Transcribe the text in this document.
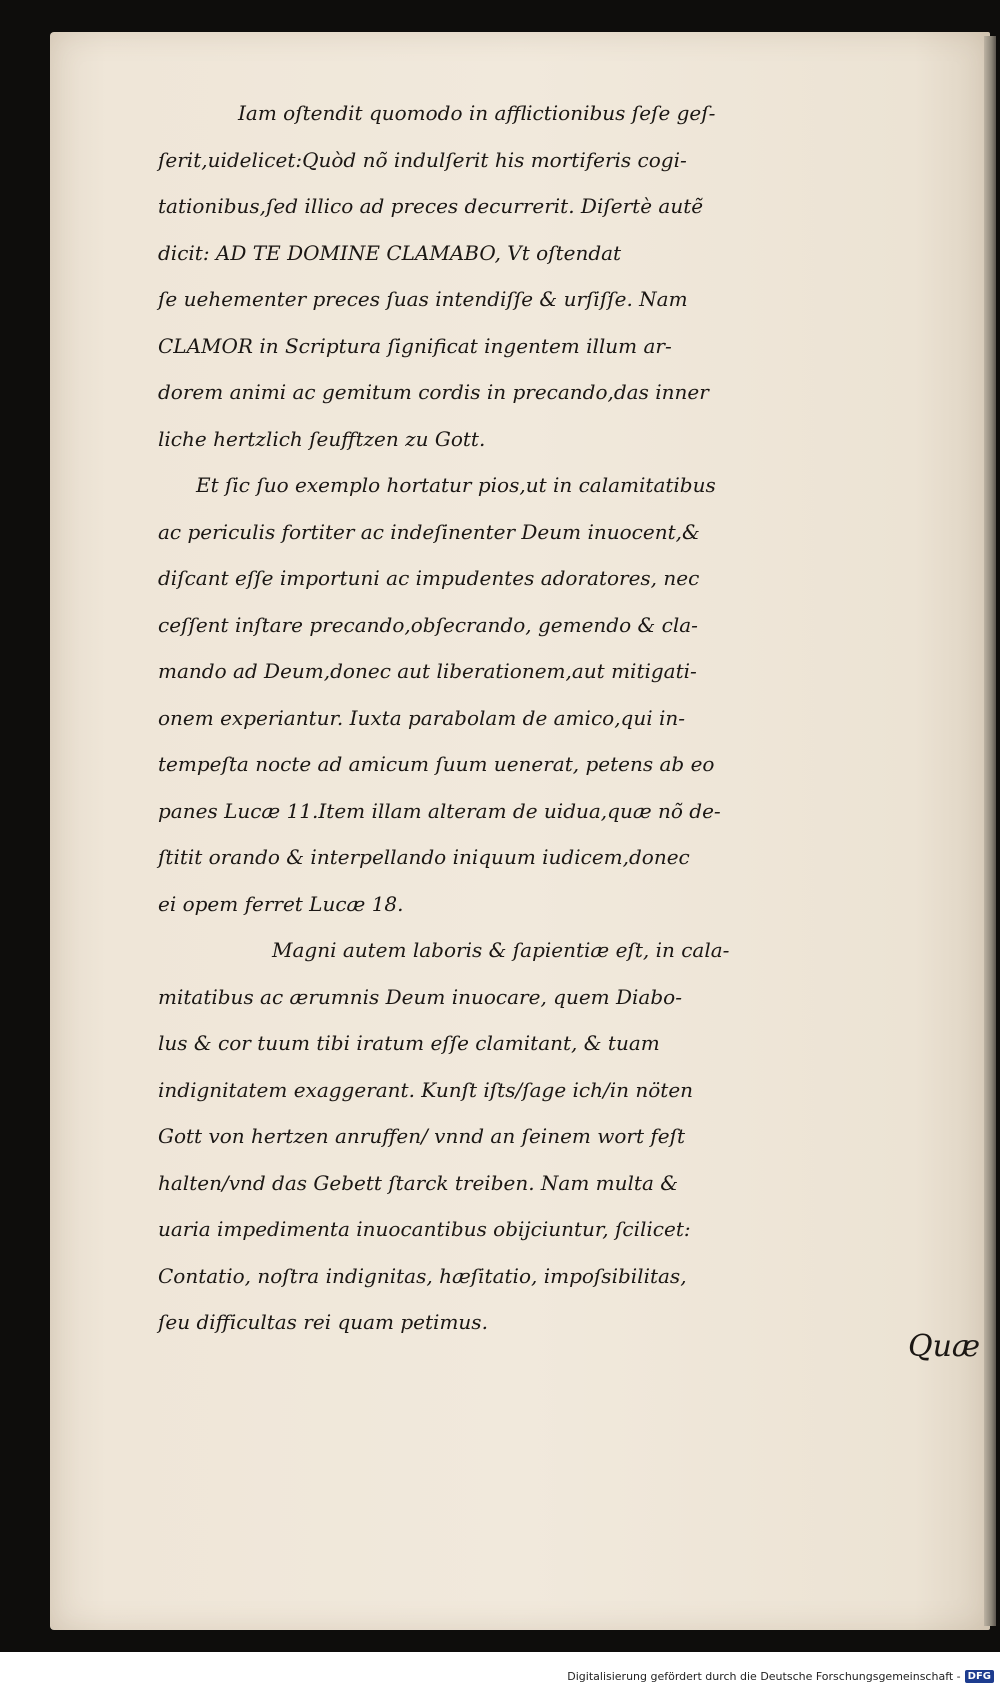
Iam oſtendit quomodo in afflictionibus ſeſe geſ-
ſerit,uidelicet:Quòd nõ indulſerit his mortiferis cogi-
tationibus,ſed illico ad preces decurrerit. Diſertè autẽ
dicit: AD TE DOMINE CLAMABO, Vt oſtendat
ſe uehementer preces ſuas intendiſſe & urſiſſe. Nam
CLAMOR in Scriptura ſignificat ingentem illum ar-
dorem animi ac gemitum cordis in precando,das inner
liche hertzlich ſeufftzen zu Gott.
Et ſic ſuo exemplo hortatur pios,ut in calamitatibus
ac periculis fortiter ac indeſinenter Deum inuocent,&
diſcant eſſe importuni ac impudentes adoratores, nec
ceſſent inſtare precando,obſecrando, gemendo & cla-
mando ad Deum,donec aut liberationem,aut mitigati-
onem experiantur. Iuxta parabolam de amico,qui in-
tempeſta nocte ad amicum ſuum uenerat, petens ab eo
panes Lucæ 11.Item illam alteram de uidua,quæ nõ de-
ſtitit orando & interpellando iniquum iudicem,donec
ei opem ferret Lucæ 18.
Magni autem laboris & ſapientiæ eſt, in cala-
mitatibus ac ærumnis Deum inuocare, quem Diabo-
lus & cor tuum tibi iratum eſſe clamitant, & tuam
indignitatem exaggerant. Kunſt iſts/ſage ich/in nöten
Gott von hertzen anruffen/ vnnd an ſeinem wort feſt
halten/vnd das Gebett ſtarck treiben. Nam multa &
uaria impedimenta inuocantibus obijciuntur, ſcilicet:
Contatio, noſtra indignitas, hæſitatio, impoſsibilitas,
ſeu difficultas rei quam petimus.
Quæ
Digitalisierung gefördert durch die Deutsche Forschungsgemeinschaft - DFG
